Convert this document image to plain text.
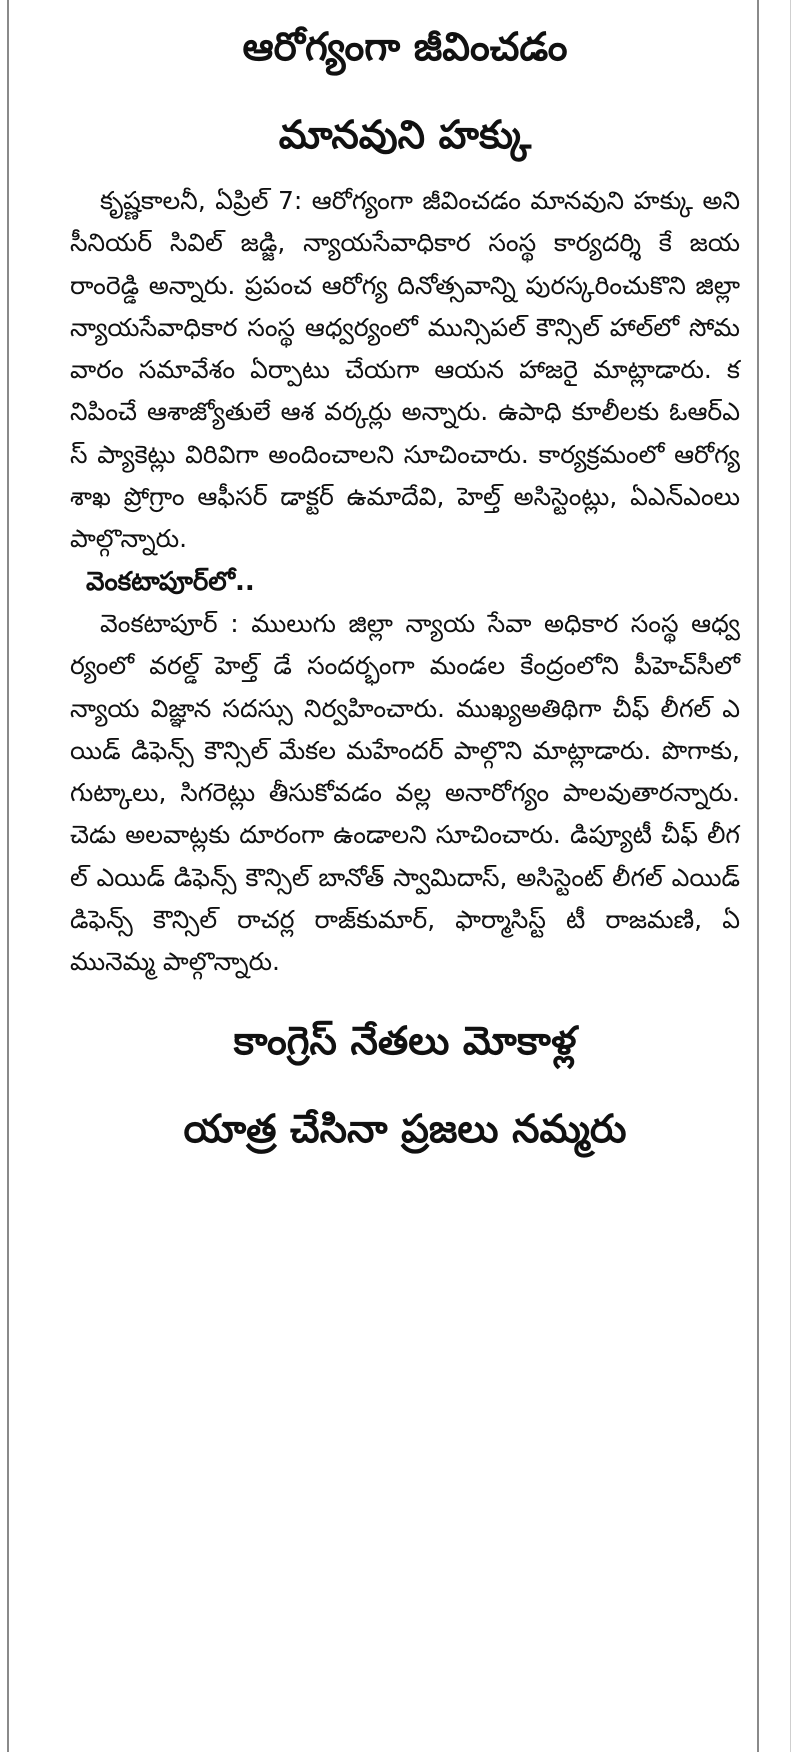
ఆరోగ్యంగా జీవించడం
మానవుని హక్కు

కృష్ణకాలనీ, ఏప్రిల్ 7: ఆరోగ్యంగా జీవించడం మానవుని హక్కు అని సీనియర్ సివిల్ జడ్జి, న్యాయసేవాధికార సంస్థ కార్యదర్శి కే జయరాంరెడ్డి అన్నారు. ప్రపంచ ఆరోగ్య దినోత్సవాన్ని పురస్కరించుకొని జిల్లా న్యాయసేవాధికార సంస్థ ఆధ్వర్యంలో మున్సిపల్ కౌన్సిల్ హాల్‌లో సోమవారం సమావేశం ఏర్పాటు చేయగా ఆయన హాజరై మాట్లాడారు. కనిపించే ఆశాజ్యోతులే ఆశ వర్కర్లు అన్నారు. ఉపాధి కూలీలకు ఓఆర్ఎస్ ప్యాకెట్లు విరివిగా అందించాలని సూచించారు. కార్యక్రమంలో ఆరోగ్య శాఖ ప్రోగ్రాం ఆఫీసర్ డాక్టర్ ఉమాదేవి, హెల్త్ అసిస్టెంట్లు, ఏఎన్ఎంలు పాల్గొన్నారు.

వెంకటాపూర్‌లో..

వెంకటాపూర్ : ములుగు జిల్లా న్యాయ సేవా అధికార సంస్థ ఆధ్వర్యంలో వరల్డ్ హెల్త్ డే సందర్భంగా మండల కేంద్రంలోని పీహెచ్‌సీలో న్యాయ విజ్ఞాన సదస్సు నిర్వహించారు. ముఖ్యఅతిథిగా చీఫ్ లీగల్ ఎయిడ్ డిఫెన్స్ కౌన్సిల్ మేకల మహేందర్ పాల్గొని మాట్లాడారు. పొగాకు, గుట్కాలు, సిగరెట్లు తీసుకోవడం వల్ల అనారోగ్యం పాలవుతారన్నారు. చెడు అలవాట్లకు దూరంగా ఉండాలని సూచించారు. డిప్యూటీ చీఫ్ లీగల్ ఎయిడ్ డిఫెన్స్ కౌన్సిల్ బానోత్ స్వామిదాస్, అసిస్టెంట్ లీగల్ ఎయిడ్ డిఫెన్స్ కౌన్సిల్ రాచర్ల రాజ్‌కుమార్, ఫార్మాసిస్ట్ టీ రాజమణి, ఏ మునెమ్మ పాల్గొన్నారు.

కాంగ్రెస్ నేతలు మోకాళ్ల
యాత్ర చేసినా ప్రజలు నమ్మరు
